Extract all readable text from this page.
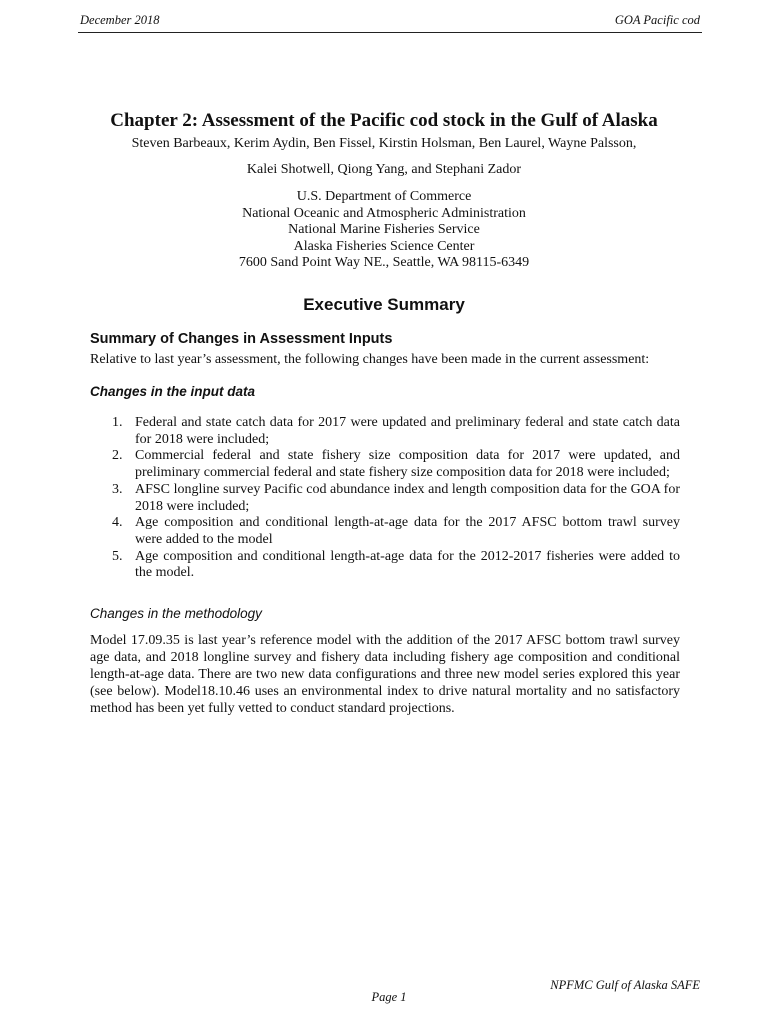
December 2018	GOA Pacific cod
Chapter 2: Assessment of the Pacific cod stock in the Gulf of Alaska
Steven Barbeaux, Kerim Aydin, Ben Fissel, Kirstin Holsman, Ben Laurel, Wayne Palsson,
Kalei Shotwell, Qiong Yang, and Stephani Zador
U.S. Department of Commerce
National Oceanic and Atmospheric Administration
National Marine Fisheries Service
Alaska Fisheries Science Center
7600 Sand Point Way NE., Seattle, WA 98115-6349
Executive Summary
Summary of Changes in Assessment Inputs
Relative to last year’s assessment, the following changes have been made in the current assessment:
Changes in the input data
1. Federal and state catch data for 2017 were updated and preliminary federal and state catch data for 2018 were included;
2. Commercial federal and state fishery size composition data for 2017 were updated, and preliminary commercial federal and state fishery size composition data for 2018 were included;
3. AFSC longline survey Pacific cod abundance index and length composition data for the GOA for 2018 were included;
4. Age composition and conditional length-at-age data for the 2017 AFSC bottom trawl survey were added to the model
5. Age composition and conditional length-at-age data for the 2012-2017 fisheries were added to the model.
Changes in the methodology
Model 17.09.35 is last year’s reference model with the addition of the 2017 AFSC bottom trawl survey age data, and 2018 longline survey and fishery data including fishery age composition and conditional length-at-age data. There are two new data configurations and three new model series explored this year (see below). Model18.10.46 uses an environmental index to drive natural mortality and no satisfactory method has been yet fully vetted to conduct standard projections.
NPFMC Gulf of Alaska SAFE
Page 1
